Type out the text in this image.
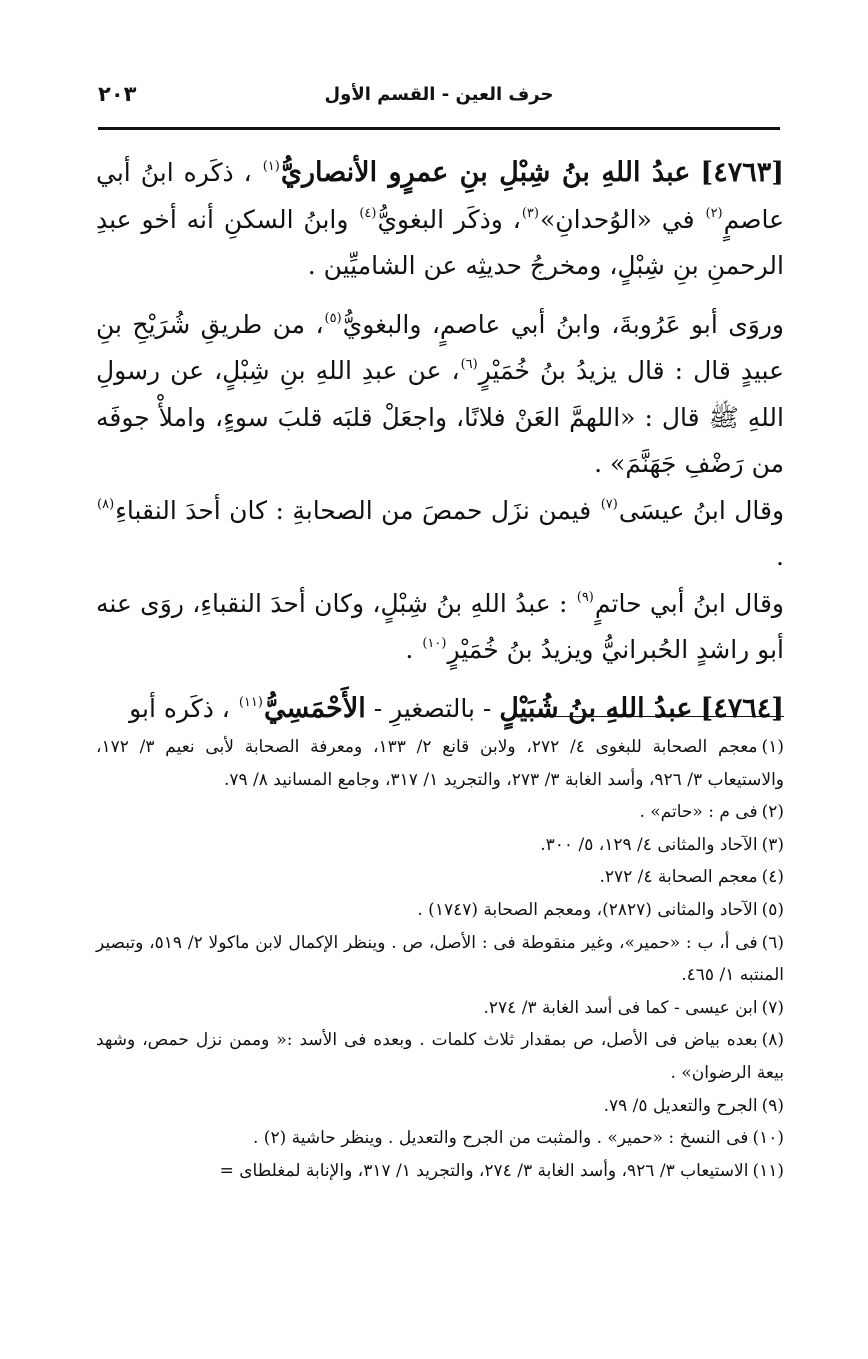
حرف العين - القسم الأول
٢٠٣

[٤٧٦٣] عبدُ اللهِ بنُ شِبْلِ بنِ عمرٍو الأنصاريُّ$^{(١)}$ ، ذكَره ابنُ أبي عاصمٍ$^{(٢)}$ في «الوُحدانِ»$^{(٣)}$، وذكَر البغويُّ$^{(٤)}$ وابنُ السكنِ أنه أخو عبدِ الرحمنِ بنِ شِبْلٍ، ومخرجُ حديثِه عن الشاميِّين .

وروَى أبو عَرُوبةَ، وابنُ أبي عاصمٍ، والبغويُّ$^{(٥)}$، من طريقِ شُرَيْحِ بنِ عبيدٍ قال : قال يزيدُ بنُ خُمَيْرٍ$^{(٦)}$، عن عبدِ اللهِ بنِ شِبْلٍ، عن رسولِ اللهِ ﷺ قال : «اللهمَّ العَنْ فلانًا، واجعَلْ قلبَه قلبَ سوءٍ، واملأْ جوفَه من رَضْفِ جَهَنَّمَ» .

وقال ابنُ عيسَى$^{(٧)}$ فيمن نزَل حمصَ من الصحابةِ : كان أحدَ النقباءِ$^{(٨)}$ .

وقال ابنُ أبي حاتمٍ$^{(٩)}$ : عبدُ اللهِ بنُ شِبْلٍ، وكان أحدَ النقباءِ، روَى عنه أبو راشدٍ الحُبرانيُّ ويزيدُ بنُ خُمَيْرٍ$^{(١٠)}$ .

[٤٧٦٤] عبدُ اللهِ بنُ شُبَيْلٍ - بالتصغيرِ - الأَحْمَسِيُّ$^{(١١)}$ ، ذكَره أبو

(١)معجم الصحابة للبغوى ٤/ ٢٧٢، ولابن قانع ٢/ ١٣٣، ومعرفة الصحابة لأبى نعيم ٣/ ١٧٢، والاستيعاب ٣/ ٩٢٦، وأسد الغابة ٣/ ٢٧٣، والتجريد ١/ ٣١٧، وجامع المسانيد ٨/ ٧٩.

(٢)فى م : «حاتم» .

(٣)الآحاد والمثانى ٤/ ١٢٩، ٥/ ٣٠٠.

(٤)معجم الصحابة ٤/ ٢٧٢.

(٥)الآحاد والمثانى (٢٨٢٧)، ومعجم الصحابة (١٧٤٧) .

(٦)فى أ، ب : «حمير»، وغير منقوطة فى : الأصل، ص . وينظر الإكمال لابن ماكولا ٢/ ٥١٩، وتبصير المنتبه ١/ ٤٦٥.

(٧)ابن عيسى - كما فى أسد الغابة ٣/ ٢٧٤.

(٨)بعده بياض فى الأصل، ص بمقدار ثلاث كلمات . وبعده فى الأسد :« وممن نزل حمص، وشهد بيعة الرضوان» .

(٩)الجرح والتعديل ٥/ ٧٩.

(١٠)فى النسخ : «حمير» . والمثبت من الجرح والتعديل . وينظر حاشية (٢) .

(١١)الاستيعاب ٣/ ٩٢٦، وأسد الغابة ٣/ ٢٧٤، والتجريد ١/ ٣١٧، والإنابة لمغلطاى =
